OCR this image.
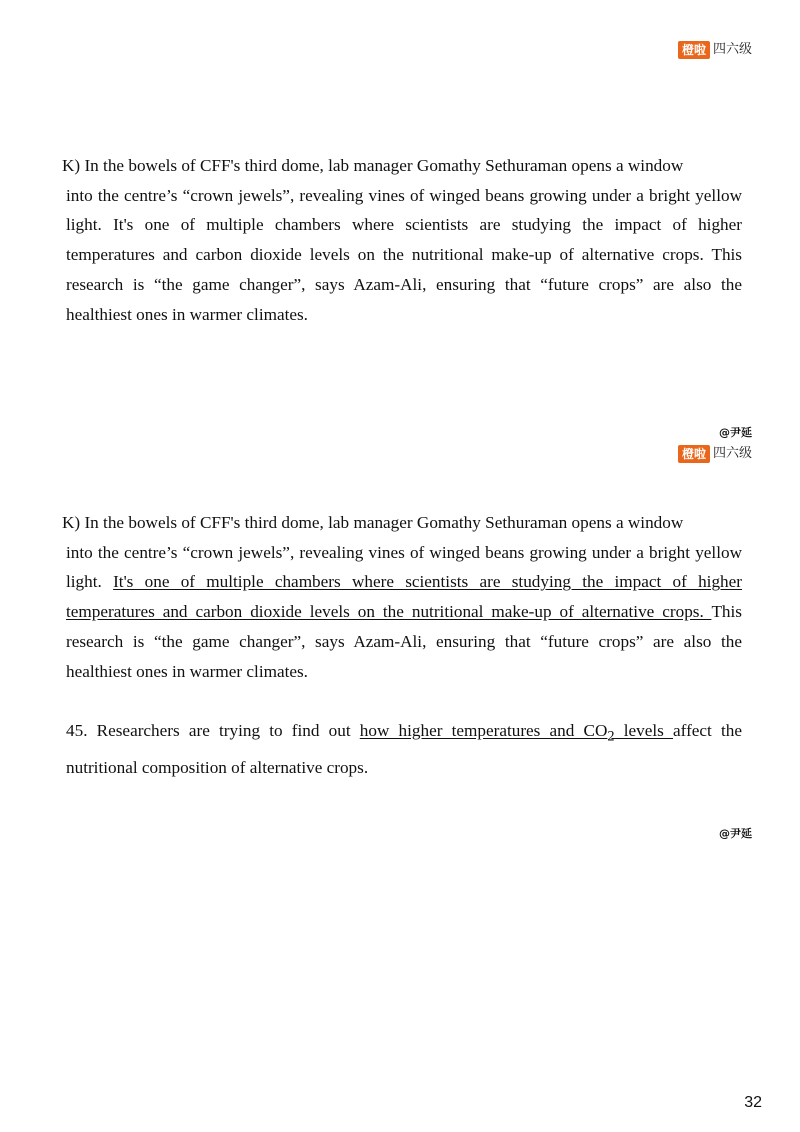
橙啦 四六级

K) In the bowels of CFF's third dome, lab manager Gomathy Sethuraman opens a window

into the centre’s “crown jewels”, revealing vines of winged beans growing under a bright yellow light. It's one of multiple chambers where scientists are studying the impact of higher temperatures and carbon dioxide levels on the nutritional make-up of alternative crops. This research is “the game changer”, says Azam-Ali, ensuring that “future crops” are also the healthiest ones in warmer climates.

@尹延
橙啦 四六级

K) In the bowels of CFF's third dome, lab manager Gomathy Sethuraman opens a window

into the centre’s “crown jewels”, revealing vines of winged beans growing under a bright yellow light. It's one of multiple chambers where scientists are studying the impact of higher temperatures and carbon dioxide levels on the nutritional make-up of alternative crops. This research is “the game changer”, says Azam-Ali, ensuring that “future crops” are also the healthiest ones in warmer climates.

45. Researchers are trying to find out how higher temperatures and $CO_2$ levels affect the nutritional composition of alternative crops.

@尹延
32
